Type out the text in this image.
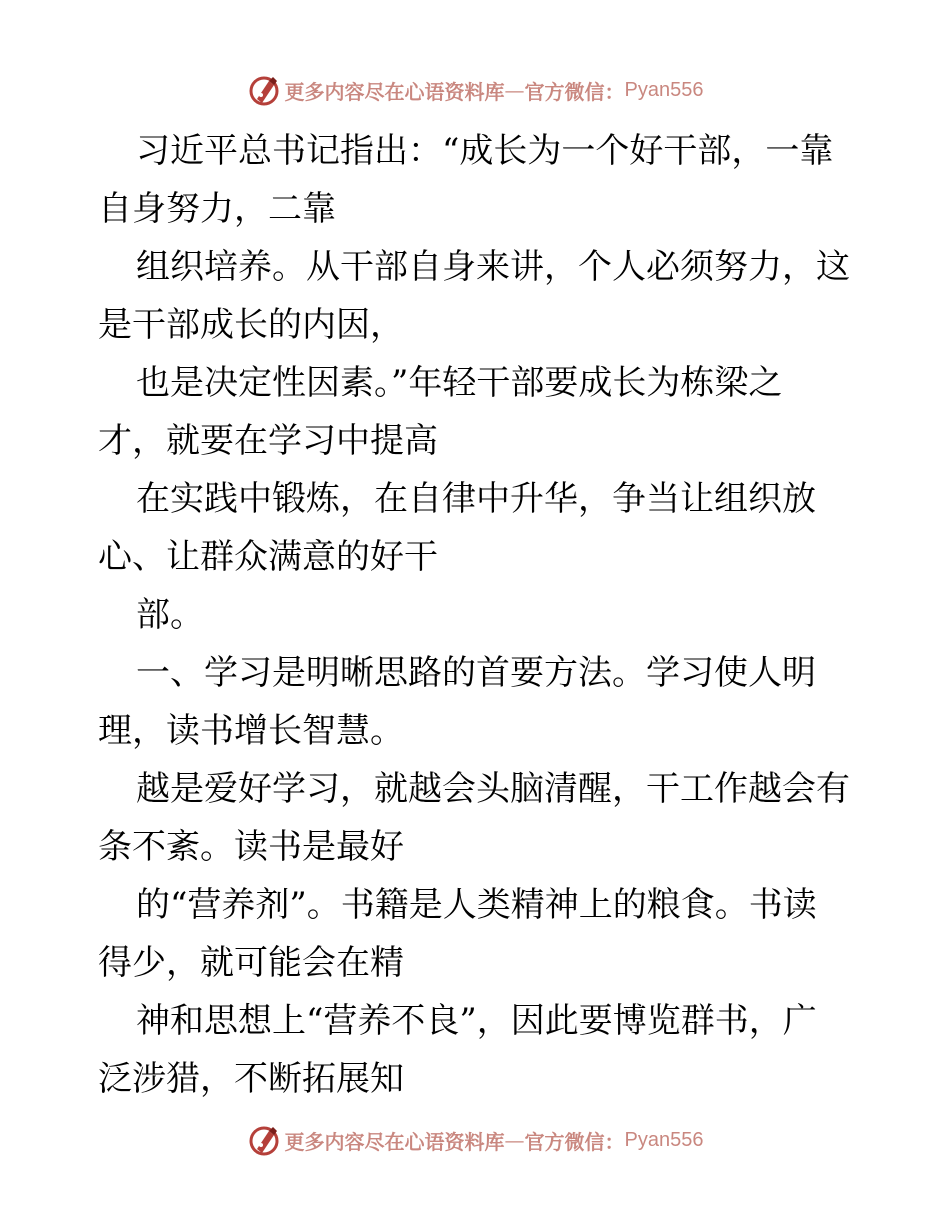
更多内容尽在心语资料库 — 官方微信： Pyan556
习近平总书记指出：“成长为一个好干部，一靠
自身努力，二靠
组织培养。从干部自身来讲，个人必须努力，这
是干部成长的内因，
也是决定性因素。”年轻干部要成长为栋梁之
才，就要在学习中提高
在实践中锻炼，在自律中升华，争当让组织放
心、让群众满意的好干
部。
一、学习是明晰思路的首要方法。学习使人明
理，读书增长智慧。
越是爱好学习，就越会头脑清醒，干工作越会有
条不紊。读书是最好
的“营养剂”。书籍是人类精神上的粮食。书读
得少，就可能会在精
神和思想上“营养不良”，因此要博览群书，广
泛涉猎，不断拓展知
更多内容尽在心语资料库 — 官方微信： Pyan556
